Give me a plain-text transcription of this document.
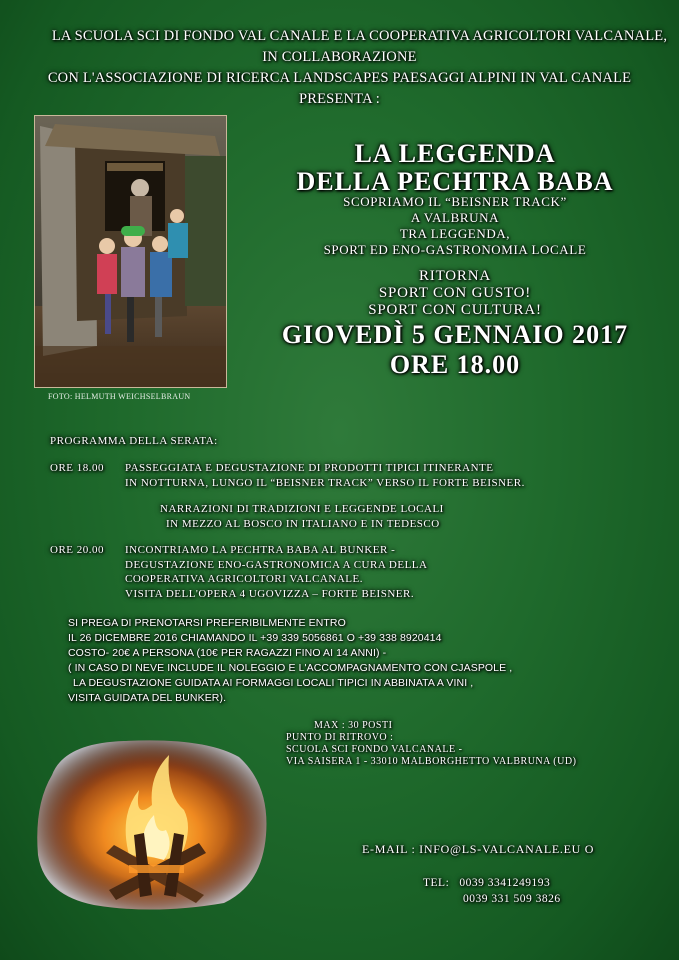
LA SCUOLA SCI DI FONDO VAL CANALE E LA COOPERATIVA AGRICOLTORI VALCANALE,
IN COLLABORAZIONE
CON L'ASSOCIAZIONE DI RICERCA LANDSCAPES PAESAGGI ALPINI IN VAL CANALE
PRESENTA :
FOTO: HELMUTH WEICHSELBRAUN
LA LEGGENDA
DELLA PECHTRA BABA
SCOPRIAMO IL “BEISNER TRACK”
A VALBRUNA
TRA LEGGENDA,
SPORT ED ENO-GASTRONOMIA LOCALE
RITORNA
SPORT CON GUSTO!
SPORT CON CULTURA!
GIOVEDÌ 5 GENNAIO 2017
ORE 18.00
PROGRAMMA DELLA SERATA:
ORE 18.00 PASSEGGIATA E DEGUSTAZIONE DI PRODOTTI TIPICI ITINERANTE
IN NOTTURNA, LUNGO IL “BEISNER TRACK” VERSO IL FORTE BEISNER.
NARRAZIONI DI TRADIZIONI E LEGGENDE LOCALI
IN MEZZO AL BOSCO IN ITALIANO E IN TEDESCO
ORE 20.00 INCONTRIAMO LA PECHTRA BABA AL BUNKER -
DEGUSTAZIONE ENO-GASTRONOMICA A CURA DELLA
COOPERATIVA AGRICOLTORI VALCANALE.
VISITA DELL'OPERA 4 UGOVIZZA – FORTE BEISNER.
SI PREGA DI PRENOTARSI PREFERIBILMENTE ENTRO
IL 26 DICEMBRE 2016 CHIAMANDO IL +39 339 5056861 O +39 338 8920414
COSTO- 20€ A PERSONA (10€ PER RAGAZZI FINO AI 14 ANNI) -
( IN CASO DI NEVE INCLUDE IL NOLEGGIO E L'ACCOMPAGNAMENTO CON CJASPOLE ,
LA DEGUSTAZIONE GUIDATA AI FORMAGGI LOCALI TIPICI IN ABBINATA A VINI ,
VISITA GUIDATA DEL BUNKER).
MAX : 30 POSTI
PUNTO DI RITROVO :
SCUOLA SCI FONDO VALCANALE -
VIA SAISERA 1 - 33010 MALBORGHETTO VALBRUNA (UD)
E-MAIL : INFO@LS-VALCANALE.EU O
TEL: 0039 3341249193
0039 331 509 3826
